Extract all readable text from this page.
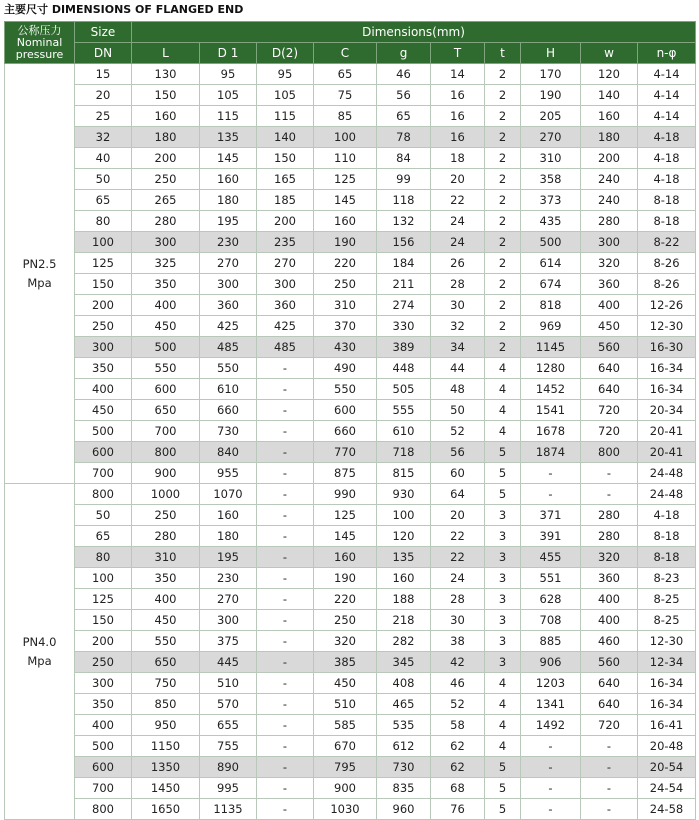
主要尺寸 DIMENSIONS OF FLANGED END
公称压力
Nominal
pressure	Size	Dimensions(mm)									
	DN	L	D 1	D(2)	C	g	T	t	H	w	n-φ
PN2.5
Mpa	15	130	95	95	65	46	14	2	170	120	4-14
	20	150	105	105	75	56	16	2	190	140	4-14
	25	160	115	115	85	65	16	2	205	160	4-14
	32	180	135	140	100	78	16	2	270	180	4-18
	40	200	145	150	110	84	18	2	310	200	4-18
	50	250	160	165	125	99	20	2	358	240	4-18
	65	265	180	185	145	118	22	2	373	240	8-18
	80	280	195	200	160	132	24	2	435	280	8-18
	100	300	230	235	190	156	24	2	500	300	8-22
	125	325	270	270	220	184	26	2	614	320	8-26
	150	350	300	300	250	211	28	2	674	360	8-26
	200	400	360	360	310	274	30	2	818	400	12-26
	250	450	425	425	370	330	32	2	969	450	12-30
	300	500	485	485	430	389	34	2	1145	560	16-30
	350	550	550	-	490	448	44	4	1280	640	16-34
	400	600	610	-	550	505	48	4	1452	640	16-34
	450	650	660	-	600	555	50	4	1541	720	20-34
	500	700	730	-	660	610	52	4	1678	720	20-41
	600	800	840	-	770	718	56	5	1874	800	20-41
	700	900	955	-	875	815	60	5	-	-	24-48
PN4.0
Mpa	800	1000	1070	-	990	930	64	5	-	-	24-48
	50	250	160	-	125	100	20	3	371	280	4-18
	65	280	180	-	145	120	22	3	391	280	8-18
	80	310	195	-	160	135	22	3	455	320	8-18
	100	350	230	-	190	160	24	3	551	360	8-23
	125	400	270	-	220	188	28	3	628	400	8-25
	150	450	300	-	250	218	30	3	708	400	8-25
	200	550	375	-	320	282	38	3	885	460	12-30
	250	650	445	-	385	345	42	3	906	560	12-34
	300	750	510	-	450	408	46	4	1203	640	16-34
	350	850	570	-	510	465	52	4	1341	640	16-34
	400	950	655	-	585	535	58	4	1492	720	16-41
	500	1150	755	-	670	612	62	4	-	-	20-48
	600	1350	890	-	795	730	62	5	-	-	20-54
	700	1450	995	-	900	835	68	5	-	-	24-54
	800	1650	1135	-	1030	960	76	5	-	-	24-58
